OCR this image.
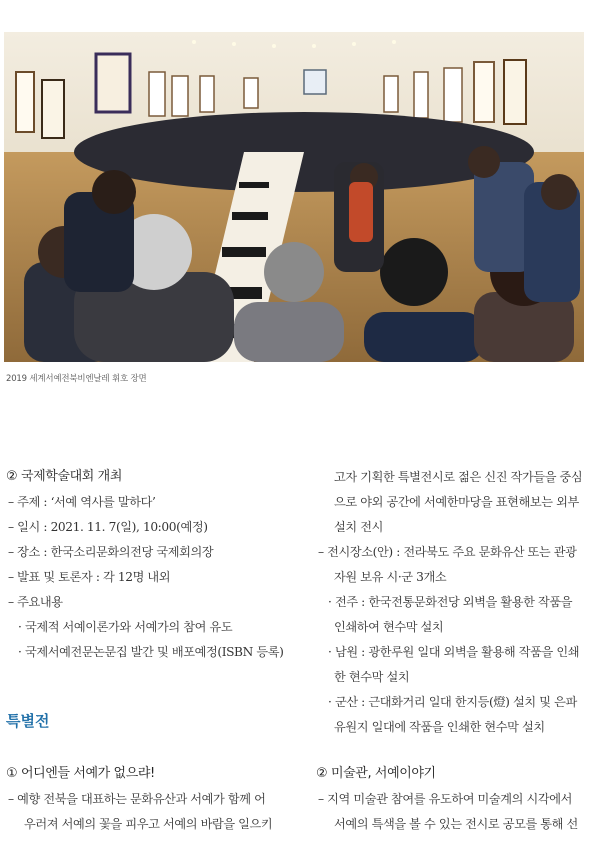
2019 세계서예전북비엔날레 휘호 장면
② 국제학술대회 개최
– 주제 : ‘서예 역사를 말하다’
– 일시 : 2021. 11. 7(일), 10:00(예정)
– 장소 : 한국소리문화의전당 국제회의장
– 발표 및 토론자 : 각 12명 내외
– 주요내용
· 국제적 서예이론가와 서예가의 참여 유도
· 국제서예전문논문집 발간 및 배포예정(ISBN 등록)
특별전
① 어디엔들 서예가 없으랴!
– 예향 전북을 대표하는 문화유산과 서예가 함께 어
우러져 서예의 꽃을 피우고 서예의 바람을 일으키
고자 기획한 특별전시로 젊은 신진 작가들을 중심
으로 야외 공간에 서예한마당을 표현해보는 외부
설치 전시
– 전시장소(안) : 전라북도 주요 문화유산 또는 관광
자원 보유 시·군 3개소
· 전주 : 한국전통문화전당 외벽을 활용한 작품을
인쇄하여 현수막 설치
· 남원 : 광한루원 일대 외벽을 활용해 작품을 인쇄
한 현수막 설치
· 군산 : 근대화거리 일대 한지등(燈) 설치 및 은파
유원지 일대에 작품을 인쇄한 현수막 설치
② 미술관, 서예이야기
– 지역 미술관 참여를 유도하여 미술계의 시각에서
서예의 특색을 볼 수 있는 전시로 공모를 통해 선
